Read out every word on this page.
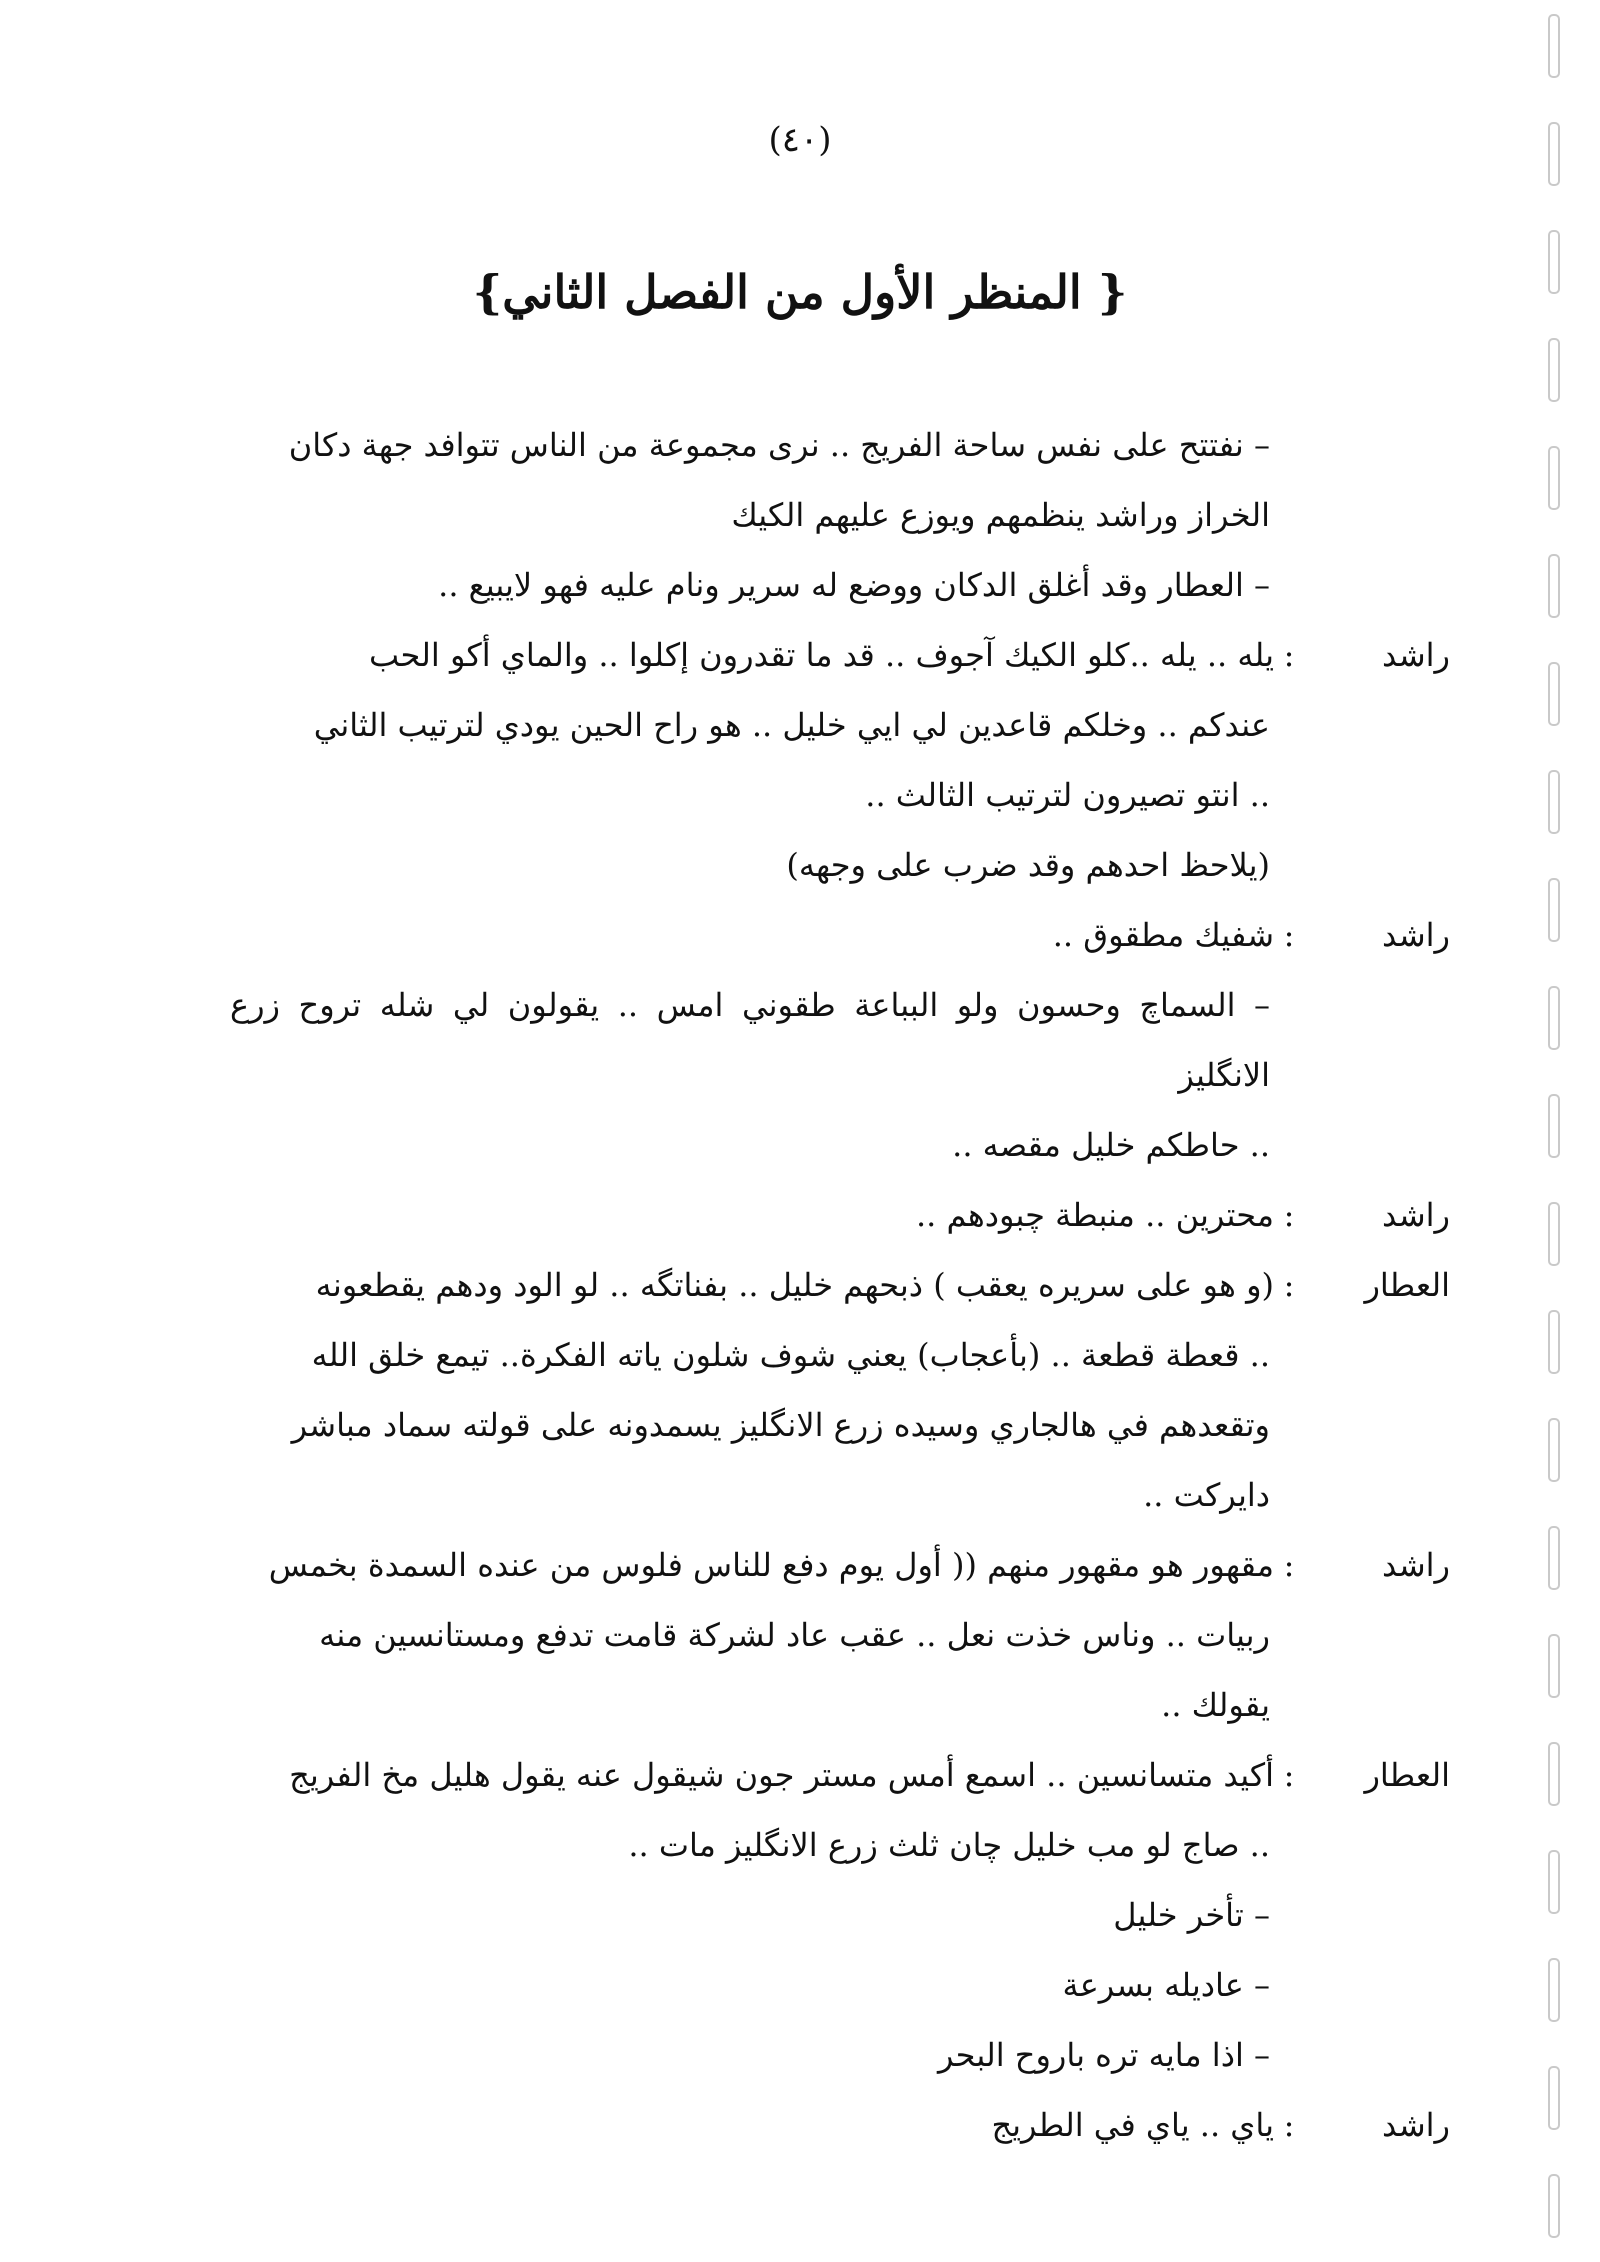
(٤٠)
{المنظر الأول من الفصل الثاني }
– نفتتح على نفس ساحة الفريج .. نرى مجموعة من الناس تتوافد جهة دكان
الخراز وراشد ينظمهم ويوزع عليهم الكيك
– العطار وقد أغلق الدكان ووضع له سرير ونام عليه فهو لايبيع ..
راشد
:
يله .. يله ..كلو الكيك آجوف .. قد ما تقدرون إكلوا .. والماي أكو الحب
عندكم .. وخلكم قاعدين لي ايي خليل .. هو راح الحين يودي لترتيب الثاني
.. انتو تصيرون لترتيب الثالث ..
(يلاحظ احدهم وقد ضرب على وجهه)
راشد
:
شفيك مطقوق ..
– السماچ وحسون ولو البباعة طقوني امس .. يقولون لي شله تروح زرع الانگليز
.. حاطكم خليل مقصه ..
راشد
:
محترين .. منبطة چبودهم ..
العطار
:
(و هو على سريره يعقب ) ذبحهم خليل .. بفناتگه .. لو الود ودهم يقطعونه
.. قعطة قطعة .. (بأعجاب) يعني شوف شلون ياته الفكرة.. تيمع خلق الله
وتقعدهم في هالجاري وسيده زرع الانگليز يسمدونه على قولته سماد مباشر
دايركت ..
راشد
:
مقهور هو مقهور منهم (( أول يوم دفع للناس فلوس من عنده السمدة بخمس
ربيات .. وناس خذت نعل .. عقب عاد لشركة قامت تدفع ومستانسين منه
يقولك ..
العطار
:
أكيد متسانسين .. اسمع أمس مستر جون شيقول عنه يقول هليل مخ الفريج
.. صاج لو مب خليل چان ثلث زرع الانگليز مات ..
– تأخر خليل
– عاديله بسرعة
– اذا مايه تره باروح البحر
راشد
:
ياي .. ياي في الطريج
